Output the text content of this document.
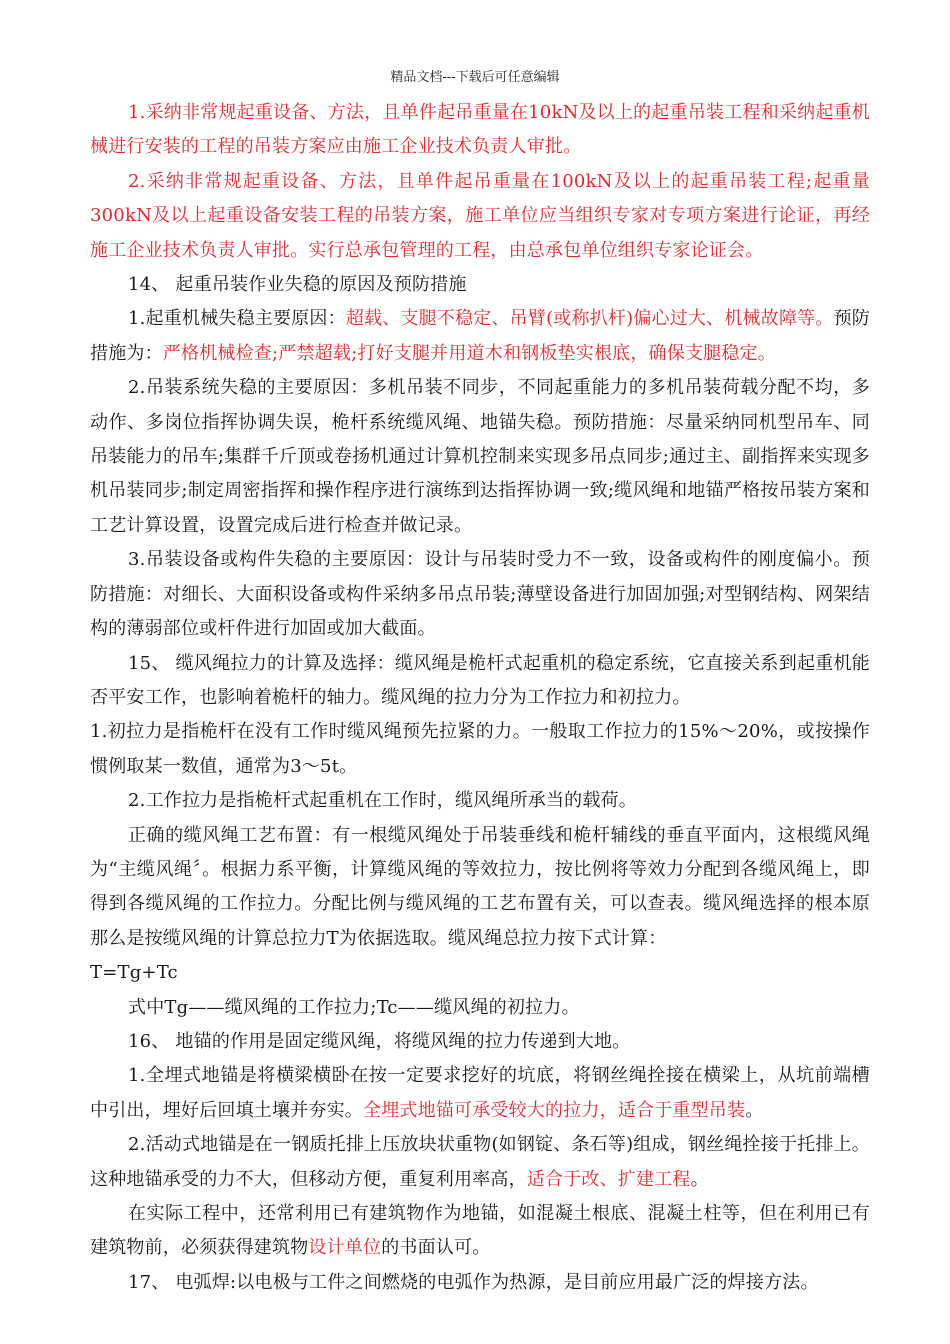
精品文档---下载后可任意编辑

1.采纳非常规起重设备、方法，且单件起吊重量在10kN及以上的起重吊装工程和采纳起重机械进行安装的工程的吊装方案应由施工企业技术负责人审批。

2.采纳非常规起重设备、方法，且单件起吊重量在100kN及以上的起重吊装工程;起重量300kN及以上起重设备安装工程的吊装方案，施工单位应当组织专家对专项方案进行论证，再经施工企业技术负责人审批。实行总承包管理的工程，由总承包单位组织专家论证会。

14、 起重吊装作业失稳的原因及预防措施

1.起重机械失稳主要原因：超载、支腿不稳定、吊臂(或称扒杆)偏心过大、机械故障等。预防措施为：严格机械检查;严禁超载;打好支腿并用道木和钢板垫实根底，确保支腿稳定。

2.吊装系统失稳的主要原因：多机吊装不同步，不同起重能力的多机吊装荷载分配不均，多动作、多岗位指挥协调失误，桅杆系统缆风绳、地锚失稳。预防措施：尽量采纳同机型吊车、同吊装能力的吊车;集群千斤顶或卷扬机通过计算机控制来实现多吊点同步;通过主、副指挥来实现多机吊装同步;制定周密指挥和操作程序进行演练到达指挥协调一致;缆风绳和地锚严格按吊装方案和工艺计算设置，设置完成后进行检查并做记录。

3.吊装设备或构件失稳的主要原因：设计与吊装时受力不一致，设备或构件的刚度偏小。预防措施：对细长、大面积设备或构件采纳多吊点吊装;薄壁设备进行加固加强;对型钢结构、网架结构的薄弱部位或杆件进行加固或加大截面。

15、 缆风绳拉力的计算及选择：缆风绳是桅杆式起重机的稳定系统，它直接关系到起重机能否平安工作，也影响着桅杆的轴力。缆风绳的拉力分为工作拉力和初拉力。

1.初拉力是指桅杆在没有工作时缆风绳预先拉紧的力。一般取工作拉力的15%～20%，或按操作惯例取某一数值，通常为3～5t。

2.工作拉力是指桅杆式起重机在工作时，缆风绳所承当的载荷。

正确的缆风绳工艺布置：有一根缆风绳处于吊装垂线和桅杆辅线的垂直平面内，这根缆风绳为“主缆风绳〞。根据力系平衡，计算缆风绳的等效拉力，按比例将等效力分配到各缆风绳上，即得到各缆风绳的工作拉力。分配比例与缆风绳的工艺布置有关，可以查表。缆风绳选择的根本原那么是按缆风绳的计算总拉力T为依据选取。缆风绳总拉力按下式计算：

T=Tg+Tc

式中Tg——缆风绳的工作拉力;Tc——缆风绳的初拉力。

16、 地锚的作用是固定缆风绳，将缆风绳的拉力传递到大地。

1.全埋式地锚是将横梁横卧在按一定要求挖好的坑底，将钢丝绳拴接在横梁上，从坑前端槽中引出，埋好后回填土壤并夯实。全埋式地锚可承受较大的拉力，适合于重型吊装。

2.活动式地锚是在一钢质托排上压放块状重物(如钢锭、条石等)组成，钢丝绳拴接于托排上。这种地锚承受的力不大，但移动方便，重复利用率高，适合于改、扩建工程。

在实际工程中，还常利用已有建筑物作为地锚，如混凝土根底、混凝土柱等，但在利用已有建筑物前，必须获得建筑物设计单位的书面认可。

17、 电弧焊:以电极与工件之间燃烧的电弧作为热源，是目前应用最广泛的焊接方法。
